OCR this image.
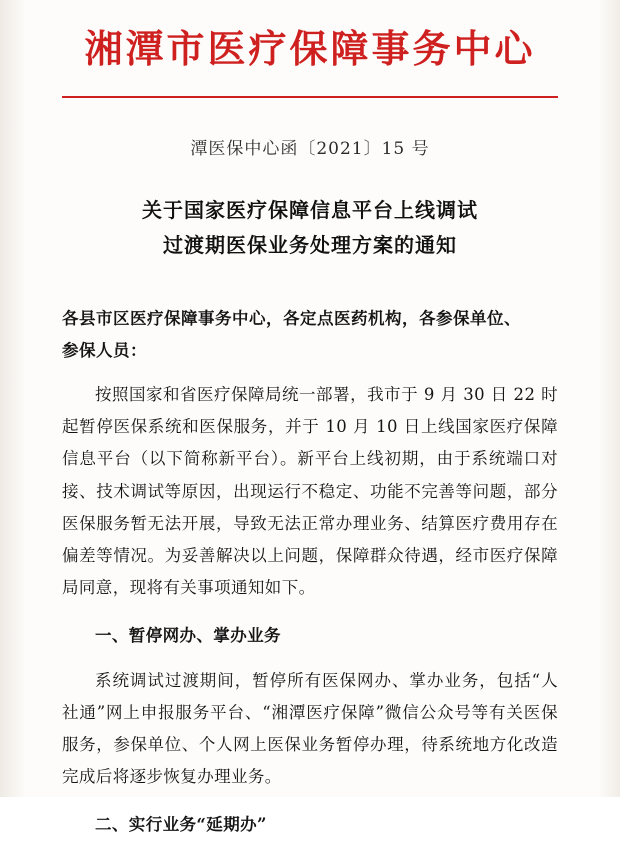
湘潭市医疗保障事务中心
潭医保中心函〔2021〕15 号
关于国家医疗保障信息平台上线调试
过渡期医保业务处理方案的通知
各县市区医疗保障事务中心，各定点医药机构，各参保单位、
参保人员：

按照国家和省医疗保障局统一部署，我市于 9 月 30 日 22 时起暂停医保系统和医保服务，并于 10 月 10 日上线国家医疗保障信息平台（以下简称新平台）。新平台上线初期，由于系统端口对接、技术调试等原因，出现运行不稳定、功能不完善等问题，部分医保服务暂无法开展，导致无法正常办理业务、结算医疗费用存在偏差等情况。为妥善解决以上问题，保障群众待遇，经市医疗保障局同意，现将有关事项通知如下。

一、暂停网办、掌办业务

系统调试过渡期间，暂停所有医保网办、掌办业务，包括“人社通”网上申报服务平台、“湘潭医疗保障”微信公众号等有关医保服务，参保单位、个人网上医保业务暂停办理，待系统地方化改造完成后将逐步恢复办理业务。

二、实行业务“延期办”
